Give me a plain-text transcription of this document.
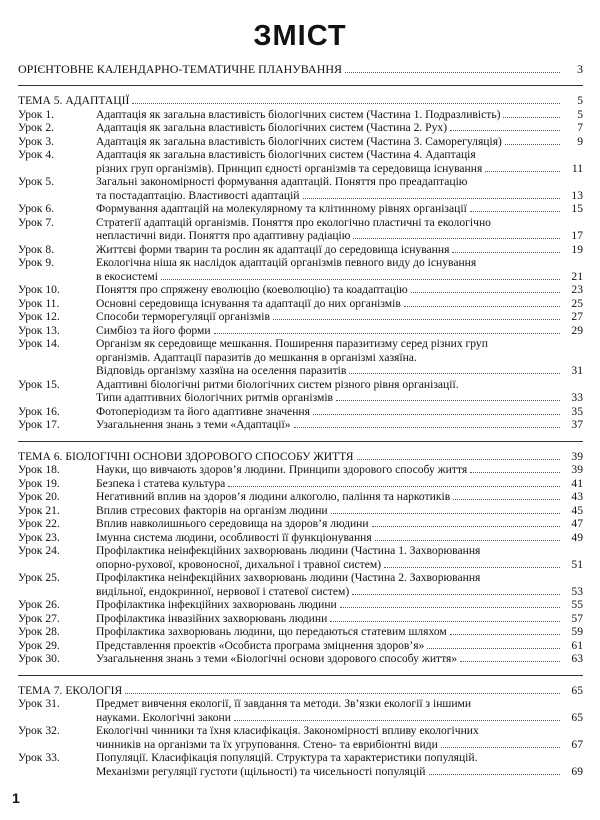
ЗМІСТ
ОРІЄНТОВНЕ КАЛЕНДАРНО-ТЕМАТИЧНЕ ПЛАНУВАННЯ	3
ТЕМА 5. АДАПТАЦІЇ	5
Урок 1.	Адаптація як загальна властивість біологічних систем (Частина 1. Подразливість)	5
Урок 2.	Адаптація як загальна властивість біологічних систем (Частина 2. Рух)	7
Урок 3.	Адаптація як загальна властивість біологічних систем (Частина 3. Саморегуляція)	9
Урок 4.	Адаптація як загальна властивість біологічних систем (Частина 4. Адаптація
різних груп організмів). Принцип єдності організмів та середовища існування	11
Урок 5.	Загальні закономірності формування адаптацій. Поняття про преадаптацію
та постадаптацію. Властивості адаптацій	13
Урок 6.	Формування адаптацій на молекулярному та клітинному рівнях організації	15
Урок 7.	Стратегії адаптацій організмів. Поняття про екологічно пластичні та екологічно
непластичні види. Поняття про адаптивну радіацію	17
Урок 8.	Життєві форми тварин та рослин як адаптації до середовища існування	19
Урок 9.	Екологічна ніша як наслідок адаптацій організмів певного виду до існування
в екосистемі	21
Урок 10.	Поняття про спряжену еволюцію (коеволюцію) та коадаптацію	23
Урок 11.	Основні середовища існування та адаптації до них організмів	25
Урок 12.	Способи терморегуляції організмів	27
Урок 13.	Симбіоз та його форми	29
Урок 14.	Організм як середовище мешкання. Поширення паразитизму серед різних груп
організмів. Адаптації паразитів до мешкання в організмі хазяїна.
Відповідь організму хазяїна на оселення паразитів	31
Урок 15.	Адаптивні біологічні ритми біологічних систем різного рівня організації.
Типи адаптивних біологічних ритмів організмів	33
Урок 16.	Фотоперіодизм та його адаптивне значення	35
Урок 17.	Узагальнення знань з теми «Адаптації»	37
ТЕМА 6. БІОЛОГІЧНІ ОСНОВИ ЗДОРОВОГО СПОСОБУ ЖИТТЯ	39
Урок 18.	Науки, що вивчають здоров’я людини. Принципи здорового способу життя	39
Урок 19.	Безпека і статева культура	41
Урок 20.	Негативний вплив на здоров’я людини алкоголю, паління та наркотиків	43
Урок 21.	Вплив стресових факторів на організм людини	45
Урок 22.	Вплив навколишнього середовища на здоров’я людини	47
Урок 23.	Імунна система людини, особливості її функціонування	49
Урок 24.	Профілактика неінфекційних захворювань людини (Частина 1. Захворювання
опорно-рухової, кровоносної, дихальної і травної систем)	51
Урок 25.	Профілактика неінфекційних захворювань людини (Частина 2. Захворювання
видільної, ендокринної, нервової і статевої систем)	53
Урок 26.	Профілактика інфекційних захворювань людини	55
Урок 27.	Профілактика інвазійних захворювань людини	57
Урок 28.	Профілактика захворювань людини, що передаються статевим шляхом	59
Урок 29.	Представлення проектів «Особиста програма зміцнення здоров’я»	61
Урок 30.	Узагальнення знань з теми «Біологічні основи здорового способу життя»	63
ТЕМА 7. ЕКОЛОГІЯ	65
Урок 31.	Предмет вивчення екології, її завдання та методи. Зв’язки екології з іншими
науками. Екологічні закони	65
Урок 32.	Екологічні чинники та їхня класифікація. Закономірності впливу екологічних
чинників на організми та їх угруповання. Стено- та еврибіонтні види	67
Урок 33.	Популяції. Класифікація популяцій. Структура та характеристики популяцій.
Механізми регуляції густоти (щільності) та чисельності популяцій	69
1
